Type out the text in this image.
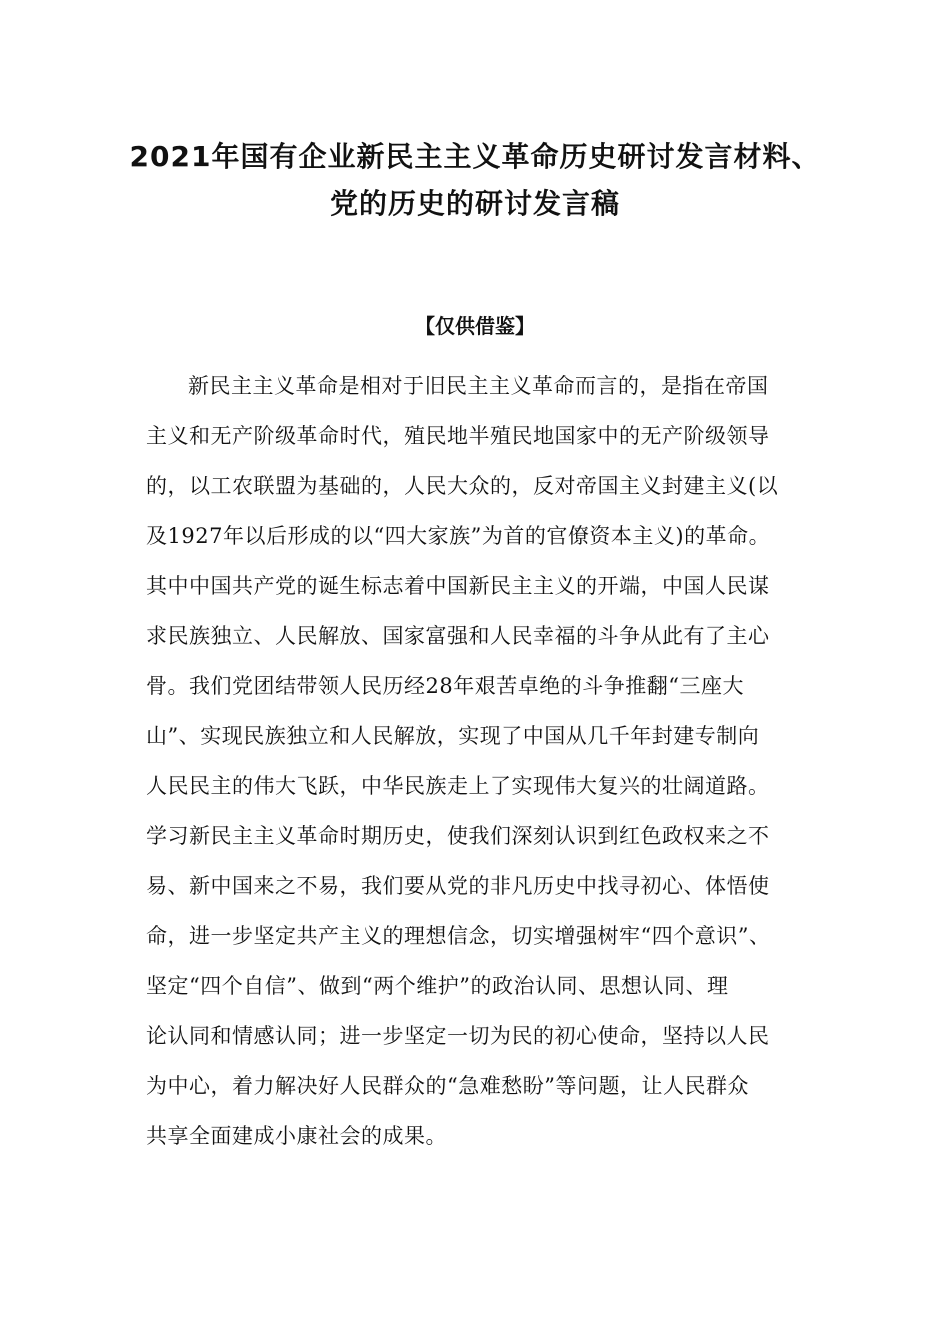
2021年国有企业新民主主义革命历史研讨发言材料、
党的历史的研讨发言稿

【仅供借鉴】

新民主主义革命是相对于旧民主主义革命而言的，是指在帝国
主义和无产阶级革命时代，殖民地半殖民地国家中的无产阶级领导
的，以工农联盟为基础的，人民大众的，反对帝国主义封建主义(以
及1927年以后形成的以“四大家族”为首的官僚资本主义)的革命。
其中中国共产党的诞生标志着中国新民主主义的开端，中国人民谋
求民族独立、人民解放、国家富强和人民幸福的斗争从此有了主心
骨。我们党团结带领人民历经28年艰苦卓绝的斗争推翻“三座大
山”、实现民族独立和人民解放，实现了中国从几千年封建专制向
人民民主的伟大飞跃，中华民族走上了实现伟大复兴的壮阔道路。
学习新民主主义革命时期历史，使我们深刻认识到红色政权来之不
易、新中国来之不易，我们要从党的非凡历史中找寻初心、体悟使
命，进一步坚定共产主义的理想信念，切实增强树牢“四个意识”、
坚定“四个自信”、做到“两个维护”的政治认同、思想认同、理
论认同和情感认同；进一步坚定一切为民的初心使命，坚持以人民
为中心，着力解决好人民群众的“急难愁盼”等问题，让人民群众
共享全面建成小康社会的成果。
